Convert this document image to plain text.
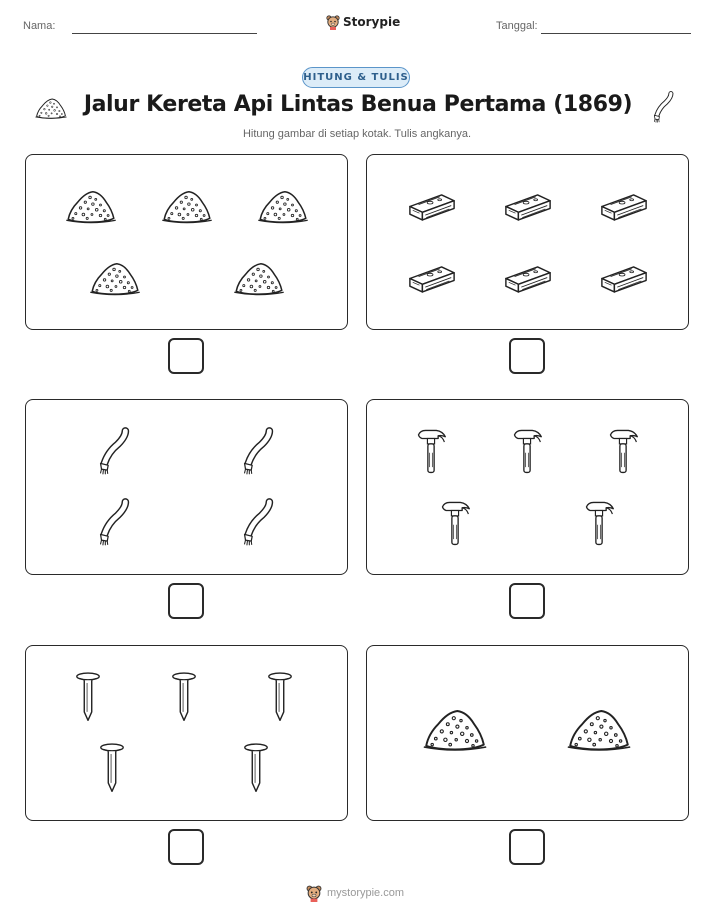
Nama:	Storypie	Tanggal:
HITUNG & TULIS
Jalur Kereta Api Lintas Benua Pertama (1869)
Hitung gambar di setiap kotak. Tulis angkanya.
mystorypie.com
